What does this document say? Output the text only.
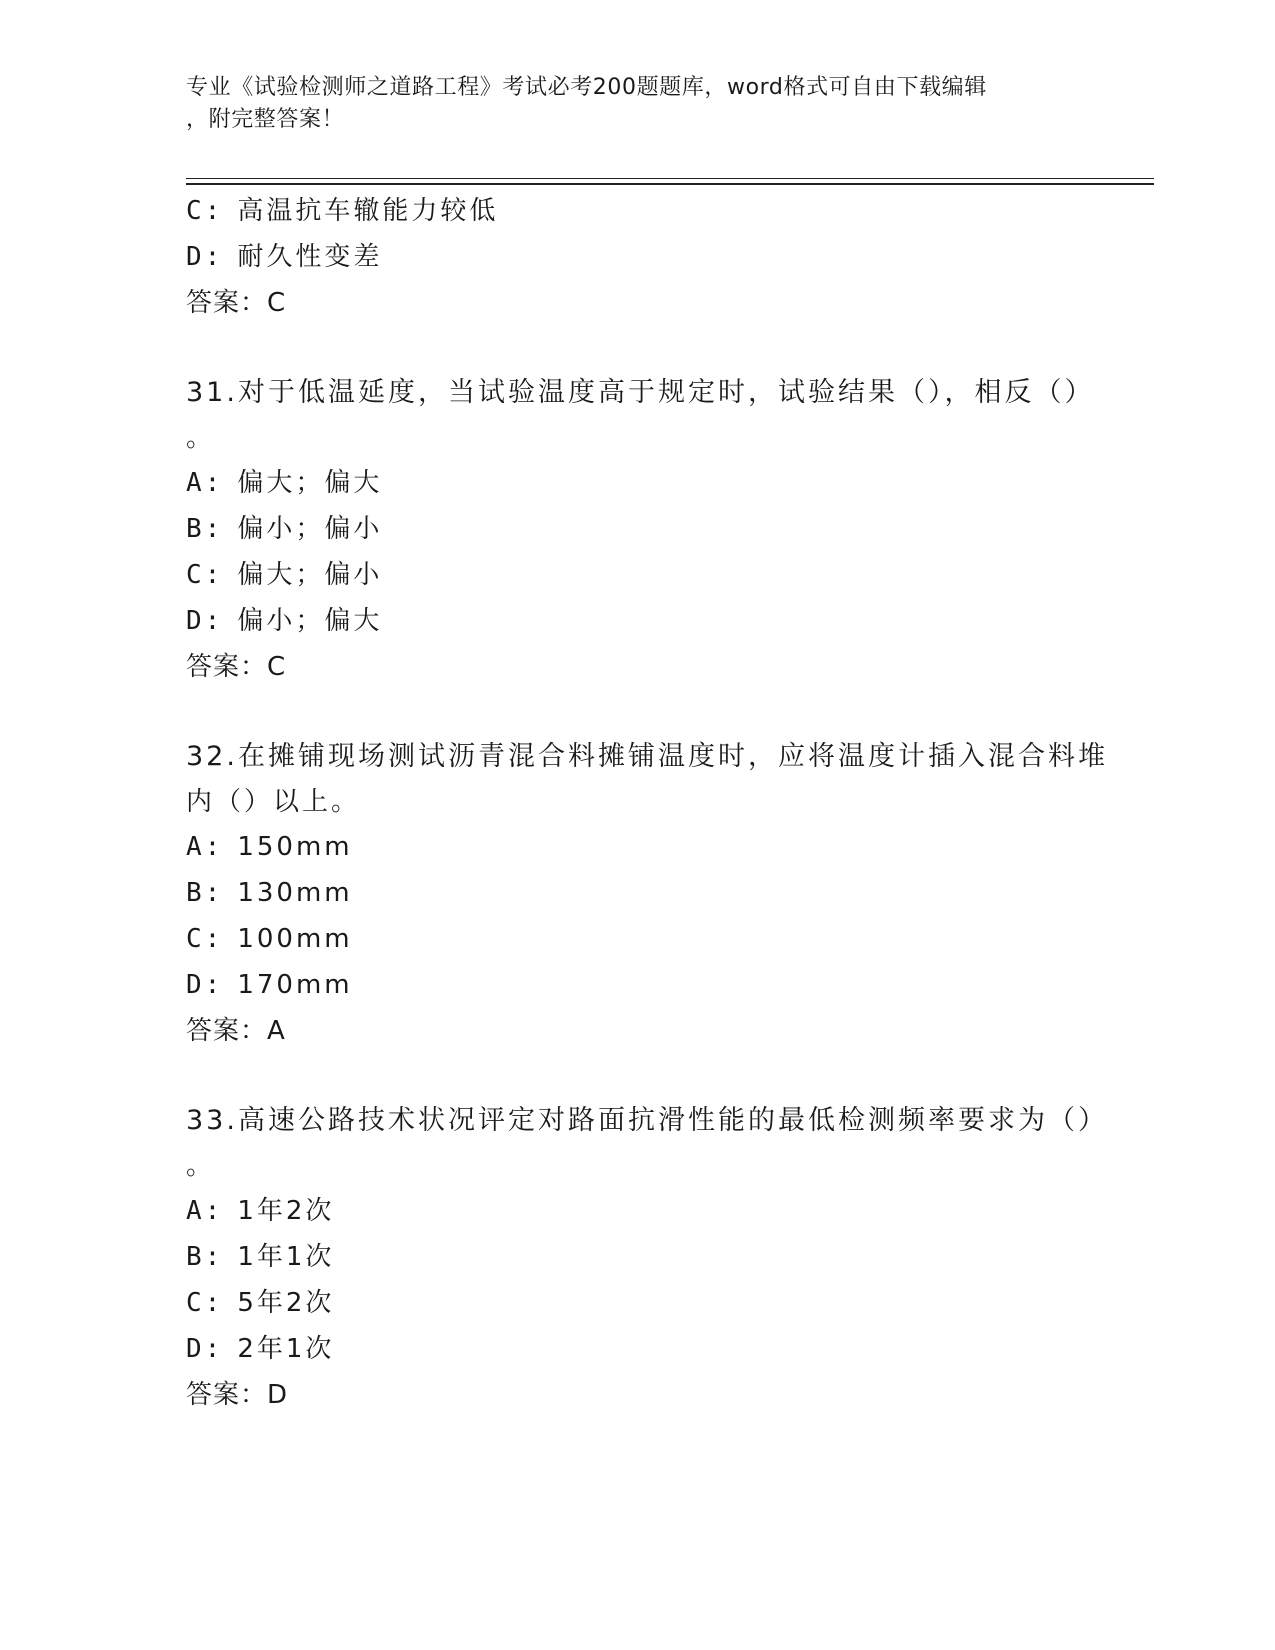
专业《试验检测师之道路工程》考试必考200题题库，word格式可自由下载编辑
，附完整答案！
C: 高温抗车辙能力较低
D: 耐久性变差
答案：C
31.对于低温延度，当试验温度高于规定时，试验结果（），相反（）
。
A: 偏大；偏大
B: 偏小；偏小
C: 偏大；偏小
D: 偏小；偏大
答案：C
32.在摊铺现场测试沥青混合料摊铺温度时，应将温度计插入混合料堆
内（）以上。
A: 150mm
B: 130mm
C: 100mm
D: 170mm
答案：A
33.高速公路技术状况评定对路面抗滑性能的最低检测频率要求为（）
。
A: 1年2次
B: 1年1次
C: 5年2次
D: 2年1次
答案：D
